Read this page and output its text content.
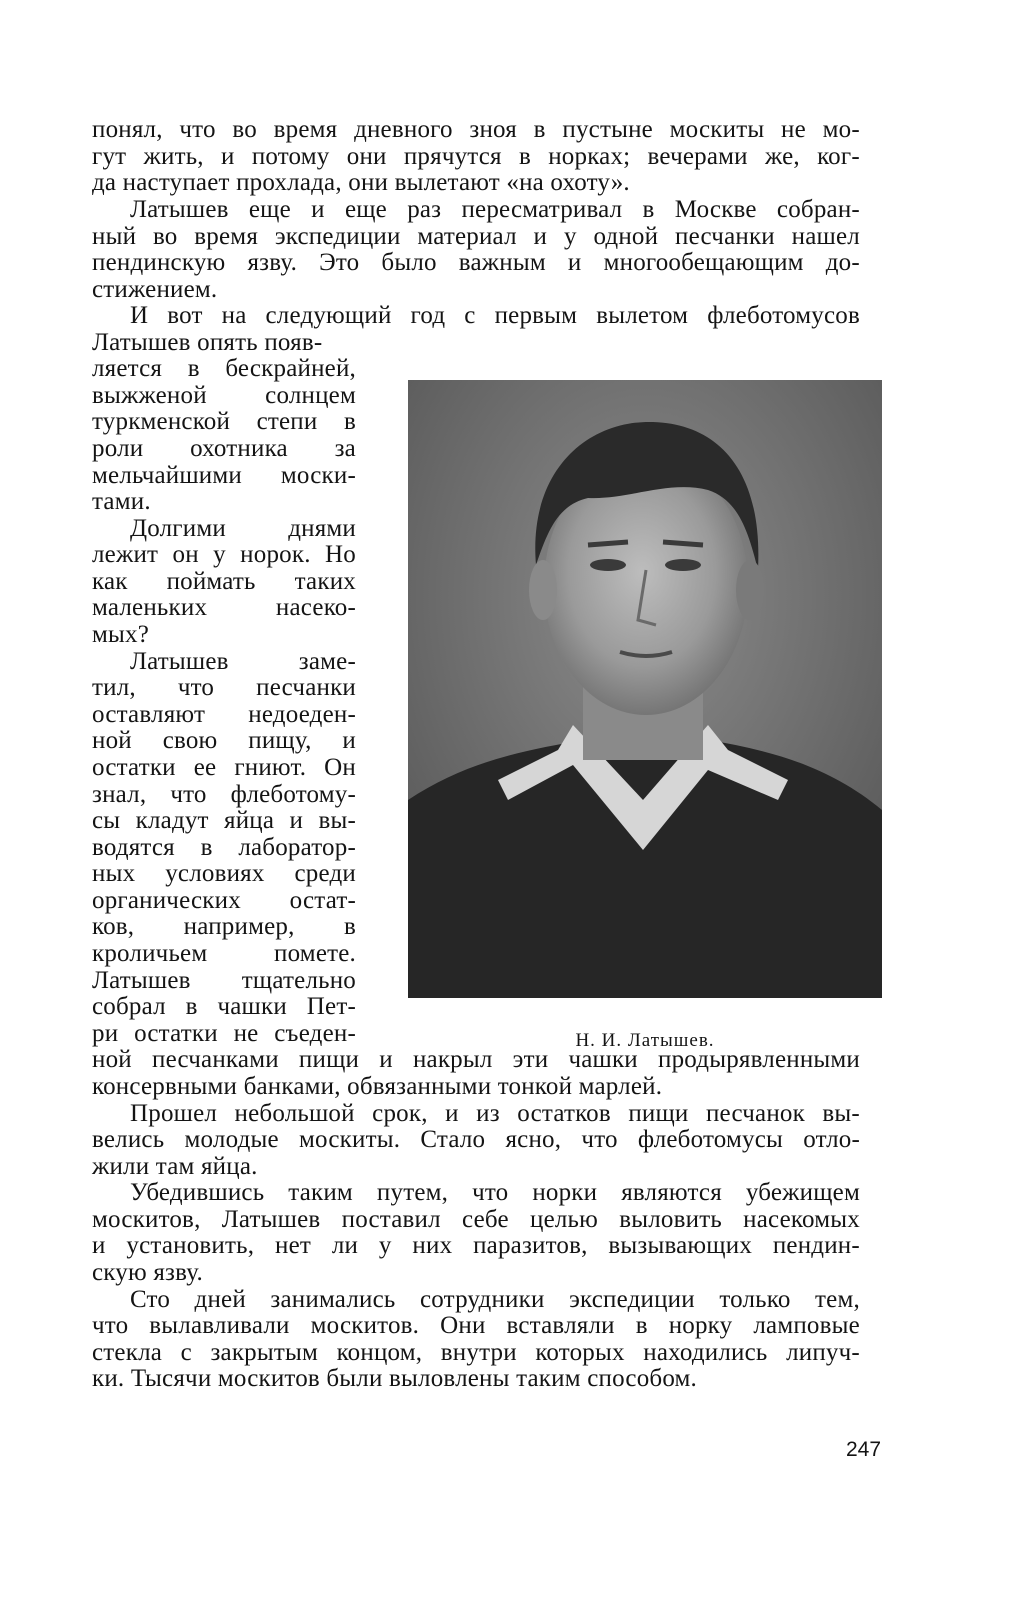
понял, что во время дневного зноя в пустыне москиты не мо-
гут жить, и потому они прячутся в норках; вечерами же, ког-
да наступает прохлада, они вылетают «на охоту».
Латышев еще и еще раз пересматривал в Москве собран-
ный во время экспедиции материал и у одной песчанки нашел
пендинскую язву. Это было важным и многообещающим до-
стижением.
И вот на следующий год с первым вылетом флеботомусов
Латышев опять появ-
ляется в бескрайней,
выжженой солнцем
туркменской степи в
роли охотника за
мельчайшими моски-
тами.
Долгими днями
лежит он у норок. Но
как поймать таких
маленьких	насеко-
мых?
Латышев	заме-
тил, что песчанки
оставляют недоеден-
ной свою пищу, и
остатки ее гниют. Он
знал, что флеботому-
сы кладут яйца и вы-
водятся в лаборатор-
ных условиях среди
органических остат-
ков, например, в
кроличьем	помете.
Латышев тщательно
собрал в чашки Пет-
ри остатки не съеден-
ной песчанками пищи и накрыл эти чашки продырявленными
консервными банками, обвязанными тонкой марлей.
Прошел небольшой срок, и из остатков пищи песчанок вы-
велись молодые москиты. Стало ясно, что флеботомусы отло-
жили там яйца.
Убедившись таким путем, что норки являются убежищем
москитов, Латышев поставил себе целью выловить насекомых
и установить, нет ли у них паразитов, вызывающих пендин-
скую язву.
Сто дней занимались сотрудники экспедиции только тем,
что вылавливали москитов. Они вставляли в норку ламповые
стекла с закрытым концом, внутри которых находились липуч-
ки. Тысячи москитов были выловлены таким способом.
Н. И. Латышев.
247
